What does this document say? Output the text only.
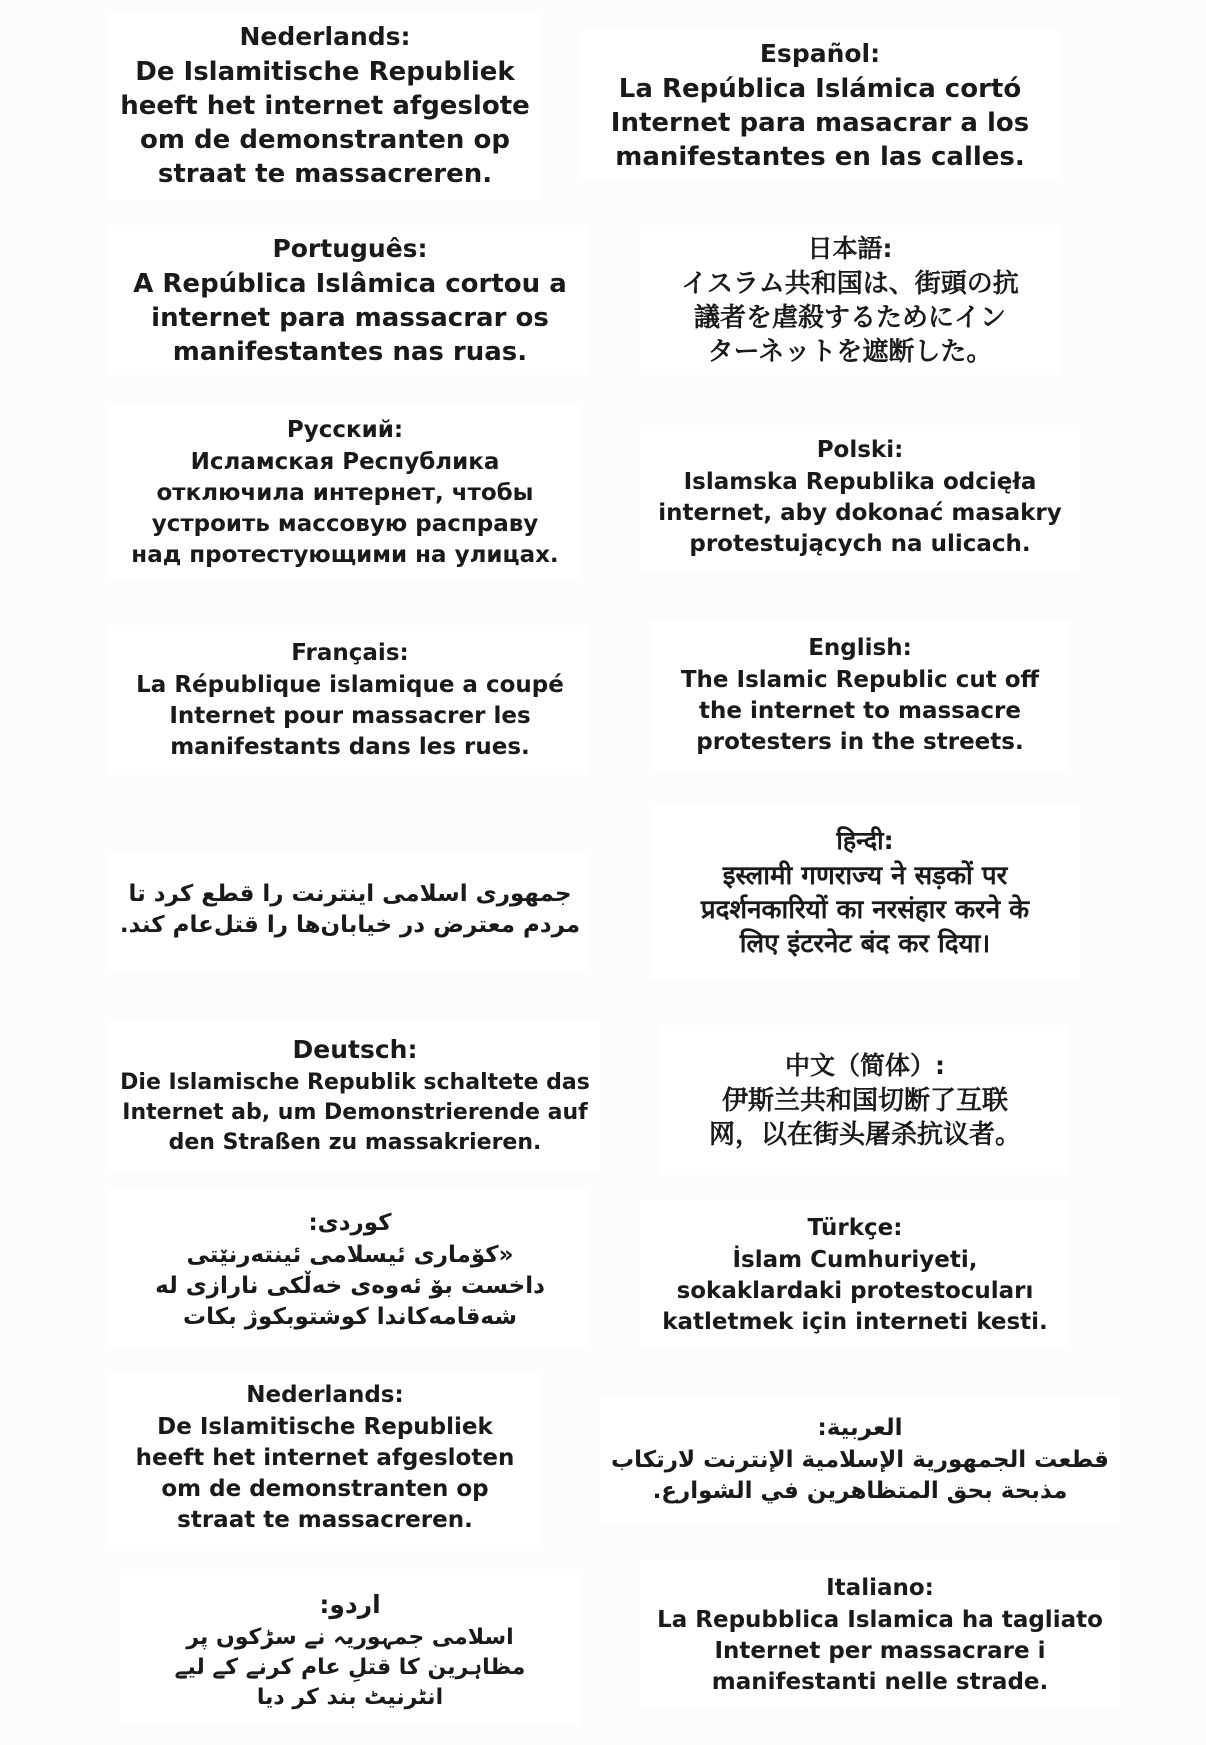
Nederlands:
De Islamitische Republiek
heeft het internet afgeslote
om de demonstranten op
straat te massacreren.
Español:
La República Islámica cortó
Internet para masacrar a los
manifestantes en las calles.
Português:
A República Islâmica cortou a
internet para massacrar os
manifestantes nas ruas.
日本語:
イスラム共和国は、街頭の抗
議者を虐殺するためにイン
ターネットを遮断した。
Русский:
Исламская Республика
отключила интернет, чтобы
устроить массовую расправу
над протестующими на улицах.
Polski:
Islamska Republika odcięła
internet, aby dokonać masakry
protestujących na ulicach.
Français:
La République islamique a coupé
Internet pour massacrer les
manifestants dans les rues.
English:
The Islamic Republic cut off
the internet to massacre
protesters in the streets.
جمهوری اسلامی اینترنت را قطع کرد تا
مردم معترض در خیابان‌ها را قتل‌عام کند.
हिन्दी:
इस्लामी गणराज्य ने सड़कों पर
प्रदर्शनकारियों का नरसंहार करने के
लिए इंटरनेट बंद कर दिया।
Deutsch:
Die Islamische Republik schaltete das
Internet ab, um Demonstrierende auf
den Straßen zu massakrieren.
中文（简体）:
伊斯兰共和国切断了互联
网，以在街头屠杀抗议者。
کوردی:
«کۆماری ئیسلامی ئینتەرنێتی
داخست بۆ ئەوەی خەڵکی نارازی لە
شەقامەکاندا کوشتوبکوژ بکات
Türkçe:
İslam Cumhuriyeti,
sokaklardaki protestocuları
katletmek için interneti kesti.
Nederlands:
De Islamitische Republiek
heeft het internet afgesloten
om de demonstranten op
straat te massacreren.
العربية:
قطعت الجمهورية الإسلامية الإنترنت لارتكاب
مذبحة بحق المتظاهرين في الشوارع.
اردو:
اسلامی جمہوریہ نے سڑکوں پر
مظاہرین کا قتلِ عام کرنے کے لیے
انٹرنیٹ بند کر دیا
Italiano:
La Repubblica Islamica ha tagliato
Internet per massacrare i
manifestanti nelle strade.
